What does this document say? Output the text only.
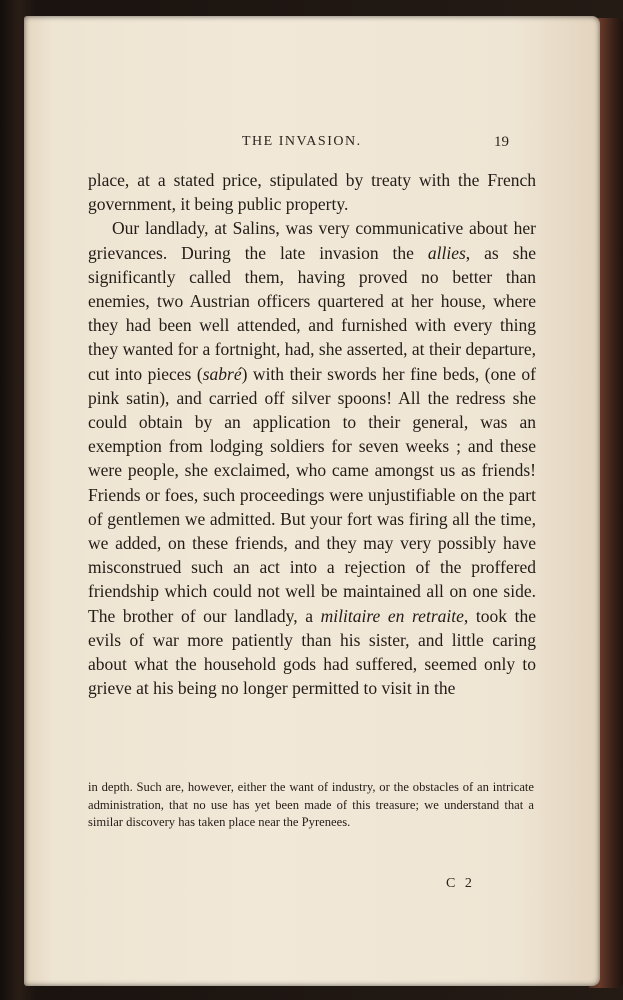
THE INVASION.	19

place, at a stated price, stipulated by treaty with the French government, it being public property.

Our landlady, at Salins, was very communicative about her grievances. During the late invasion the allies, as she significantly called them, having proved no better than enemies, two Austrian officers quartered at her house, where they had been well attended, and furnished with every thing they wanted for a fortnight, had, she asserted, at their departure, cut into pieces (sabré) with their swords her fine beds, (one of pink satin), and carried off silver spoons! All the redress she could obtain by an application to their general, was an exemption from lodging soldiers for seven weeks ; and these were people, she exclaimed, who came amongst us as friends! Friends or foes, such proceedings were unjustifiable on the part of gentlemen we admitted. But your fort was firing all the time, we added, on these friends, and they may very possibly have misconstrued such an act into a rejection of the proffered friendship which could not well be maintained all on one side. The brother of our landlady, a militaire en retraite, took the evils of war more patiently than his sister, and little caring about what the household gods had suffered, seemed only to grieve at his being no longer permitted to visit in the

in depth. Such are, however, either the want of industry, or the obstacles of an intricate administration, that no use has yet been made of this treasure; we understand that a similar discovery has taken place near the Pyrenees.
C 2
